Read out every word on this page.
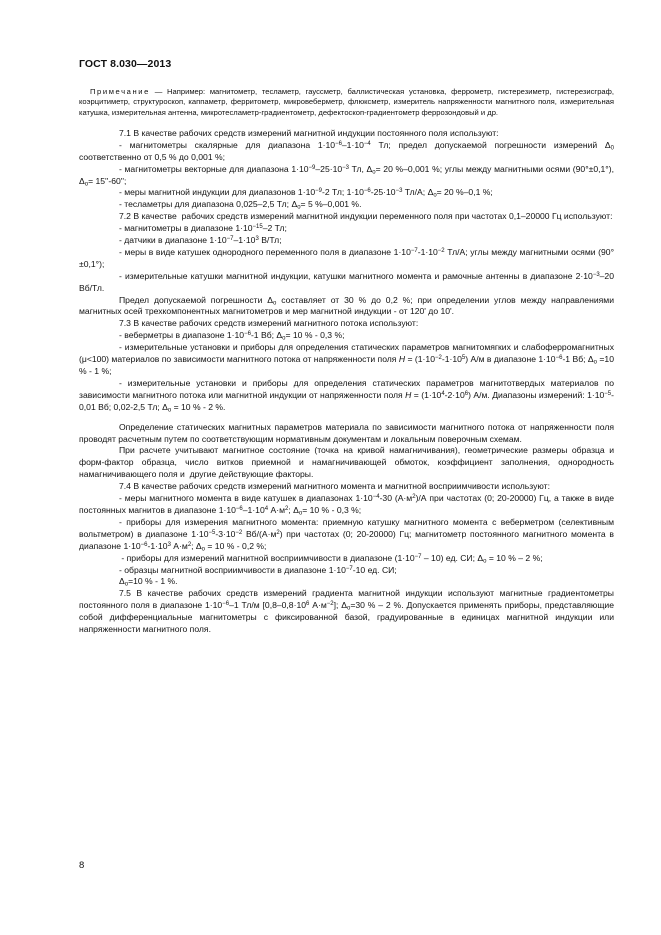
ГОСТ 8.030—2013

Примечание — Например: магнитометр, тесламетр, гауссметр, баллистическая установка, феррометр, гистерезиметр, гистерезисграф, коэрцитиметр, структуроскоп, каппаметр, ферритометр, микровеберметр, флюксметр, измеритель напряженности магнитного поля, измерительная катушка, измерительная антенна, микротесламетр-градиентометр, дефектоскоп-градиентометр феррозондовый и др.

7.1 В качестве рабочих средств измерений магнитной индукции постоянного поля используют:

- магнитометры скалярные для диапазона $1\cdot 10^{-6}-1\cdot 10^{-4}$ Тл; предел допускаемой погрешности измерений $\Delta_0$ соответственно от 0,5 % до 0,001 %;

- магнитометры векторные для диапазона $1\cdot 10^{-9}-25\cdot 10^{-3}$ Тл, $\Delta_о= 20$ %–0,001 %; углы между магнитными осями (90°±0,1°), $\Delta_о= 15''-60''$;

- меры магнитной индукции для диапазонов $1\cdot 10^{-9}-2$ Тл; $1\cdot 10^{-6}-25\cdot 10^{-3}$ Тл/А; $\Delta_о= 20$ %–0,1 %;

- тесламетры для диапазона 0,025–2,5 Тл; $\Delta_о= 5$ %–0,001 %.

7.2 В качестве  рабочих средств измерений магнитной индукции переменного поля при частотах 0,1–20000 Гц используют:

- магнитометры в диапазоне $1\cdot 10^{-15}-2$ Тл;

- датчики в диапазоне $1\cdot 10^{-7}-1\cdot 10^3$ В/Тл;

- меры в виде катушек однородного переменного поля в диапазоне $1\cdot 10^{-7}-1\cdot 10^{-2}$ Тл/А; углы между магнитными осями (90°±0,1°);

- измерительные катушки магнитной индукции, катушки магнитного момента и рамочные антенны в диапазоне $2\cdot 10^{-3}-20$ Вб/Тл.

Предел допускаемой погрешности $\Delta_о$ составляет от 30 % до 0,2 %; при определении углов между направлениями магнитных осей трехкомпонентных магнитометров и мер магнитной индукции - от 120' до 10'.

7.3 В качестве рабочих средств измерений магнитного потока используют:

- веберметры в диапазоне $1\cdot 10^{-6}-1$ Вб; $\Delta_о= 10$ % - 0,3 %;

- измерительные установки и приборы для определения статических параметров магнитомягких и слабоферромагнитных (μ<100) материалов по зависимости магнитного потока от напряженности поля $H = (1\cdot 10^{-2}-1\cdot 10^5)$ А/м в диапазоне $1\cdot 10^{-6}-1$ Вб; $\Delta_о =10$ % - 1 %;

- измерительные установки и приборы для определения статических параметров магнитотвердых материалов по зависимости магнитного потока или магнитной индукции от напряженности поля $H = (1\cdot 10^4-2\cdot 10^6)$ А/м. Диапазоны измерений: $1\cdot 10^{-5}-0,01$ Вб; 0,02-2,5 Тл; $\Delta_о = 10$ % - 2 %.

Определение статических магнитных параметров материала по зависимости магнитного потока от напряженности поля проводят расчетным путем по соответствующим нормативным документам и локальным поверочным схемам.

При расчете учитывают магнитное состояние (точка на кривой намагничивания), геометрические размеры образца и форм-фактор образца, число витков приемной и намагничивающей обмоток, коэффициент заполнения, однородность намагничивающего поля и  другие действующие факторы.

7.4 В качестве рабочих средств измерений магнитного момента и магнитной восприимчивости используют:

- меры магнитного момента в виде катушек в диапазонах $1\cdot 10^{-4}-30$ $(А\cdot м^2)/А$ при частотах (0; 20-20000) Гц, а также в виде постоянных магнитов в диапазоне $1\cdot 10^{-6}-1\cdot 10^4$ $А\cdot м^2$; $\Delta_о= 10$ % - 0,3 %;

- приборы для измерения магнитного момента: приемную катушку магнитного момента с веберметром (селективным вольтметром) в диапазоне $1\cdot 10^{-5}-3\cdot 10^{-2}$ $Вб/(А\cdot м^2)$ при частотах (0; 20-20000) Гц; магнитометр постоянного магнитного момента в диапазоне $1\cdot 10^{-6}-1\cdot 10^3$ $А\cdot м^2$; $\Delta_о = 10$ % - 0,2 %;

- приборы для измерений магнитной восприимчивости в диапазоне $(1\cdot 10^{-7} - 10)$ ед. СИ; $\Delta_о = 10$ % – 2 %;

- образцы магнитной восприимчивости в диапазоне $1\cdot 10^{-7}-10$ ед. СИ;

$\Delta_о=10$ % - 1 %.

7.5 В качестве рабочих средств измерений градиента магнитной индукции используют магнитные градиентометры постоянного поля в диапазоне $1\cdot 10^{-6}-1$ Тл/м [$0,8-0,8\cdot 10^6$ $А\cdot м^{-2}$]; $\Delta_о=30$ % – 2 %. Допускается применять приборы, представляющие собой дифференциальные магнитометры с фиксированной базой, градуированные в единицах магнитной индукции или напряженности магнитного поля.

8
